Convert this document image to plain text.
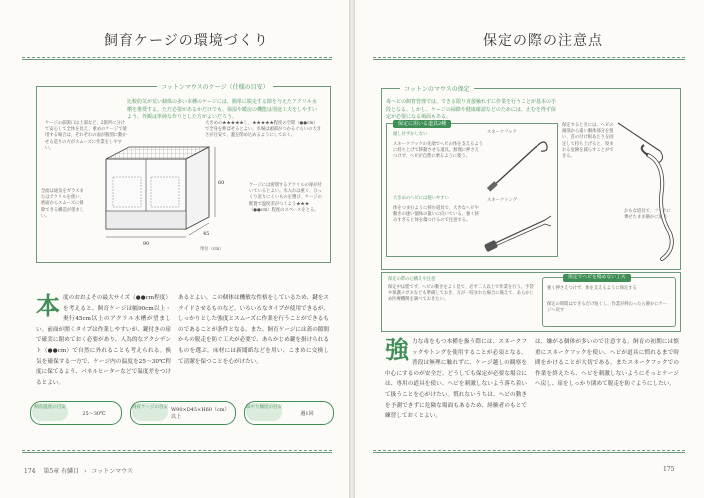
飼育ケージの環境づくり
コットンマウスのケージ（仕様の目安）
比較的気が荒い個体の多い本種のケージには、簡単に脱走する隙を与えたアクリル水槽を推奨する。ただ必要があるかだけでも、保湿や暖房の機能は別途工夫をしやすいよう、外観は単純な作りとした方がよいだろう。
ケージの前開口は上部など、2箇所に分けて安心して全体を見え、重めのケージで使用する場合は、それぞれの面が個別に動かせる造りの方がスムーズに作業をしやすい。
大きめの★★★★★し、★★★★★程度の空間（●●cm）で全身を伸ばせるとよい。水場は頭部がつかるぐらいの大きさが目安で、蓋を閉め込めるようにしておく。
全面は通気をガラスまたはアクリルを使い、底面からスムーズに掃除できる構造が望ましい。
ケージには密閉するアクリルの扉が付いているとよい。水入れは重く、ひっくり返りにくいものを選び、ケージの配置で温度差がつくよう★★★（●●cm）程度のスペースをとる。
単位（cm）
90
45
60
本度のおおよその最大サイズ（●●cm程度）を考えると、飼育ケージは幅90cm以上・奥行45cm以上のアクリル水槽が望ましい。前面が開くタイプは作業しやすいが、鍵付きの扉で確実に閉めておく必要があり、人為的なアクシデント（●●cm）で自然に外れることも考えられる。換気を確保する一方で、ケージ内の温度を25〜30℃程度に保てるよう、パネルヒーターなどで温度差をつけるとよい。
あるとよい。この個体は機敏な性格をしているため、鍵をスライドさせるものなど、いろいろなタイプが使用できるが、しっかりとした強度とスムーズに作業を行うことができるものであることが条件となる。また、飼育ケージには蓋の隙間からの脱走を防ぐ工夫が必要で、あらかじめ鍵を掛けられるものを選ぶ。床材には新聞紙などを用い、こまめに交換して清潔を保つことを心がけたい。
飼育温度の目安
25〜30℃
飼育ケージの目安 W90×D45×H60（cm）以上
餌やり頻度の目安
週1回
174 第5章 有鱗目 › コットンマウス
保定の際の注意点
コットンのマウスの保定
毒ヘビの飼育管理では、できる限り直接触れずに作業を行うことが基本の手段となる。しかし、ケージの掃除や健康確認などのためには、止むを得ず保定が必要になる場面もある。
保定に用いる道具2種
頭し付ずかしない	スネークフック
スネークフックの先端でヘビの体を支えるように持ち上げて移動させる道具。無理に押さえつけず、ヘビが自然に乗るように使う。
大きめのヘビには使いやすい	スネークトング
体をつまむように挟む道具で、大きなヘビや動きの速い個体の扱いに向いている。強く挟みすぎると体を傷つけるので注意する。
保定するときには、ヘビの頭部から遠い胴体部分を狙い、首の付け根あたりを固定して持ち上げると、咬まれる危険を減らすことができる。
おもな道具で、フックに乗せたまま静かに運ぶ
保定の際の心構えや注意
保定中は慌てず、ヘビの動きをよく見て、必ず二人以上で作業を行う。手袋や保護メガネなども準備しておき、万が一咬まれた場合に備えて、あらかじめ医療機関を調べておきたい。
保定でヘビを傷めない工夫
強く押さえつけず、体を支えるように保定する
保定の時間はできるだけ短くし、作業が終わったら静かにケージへ戻す
強力な毒をもつ本種を扱う際には、スネークフックやトングを使用することが必須となる。普段は無理に触れずに、ケージ越しの観察を中心にするのが安全だ。どうしても保定が必要な場合には、専用の道具を使い、ヘビを刺激しないよう落ち着いて扱うことを心がけたい。慣れないうちは、ヘビの動きを予測できずに危険な場面もあるため、経験者のもとで練習しておくとよい。
は、嫌がる個体が多いので注意する。飼育の初期には慎重にスネークフックを使い、ヘビが道具に慣れるまで時間をかけることが大切である。またスネークフックでの作業を終えたら、ヘビを刺激しないようにそっとケージへ戻し、扉をしっかり閉めて脱走を防ぐようにしたい。
175
